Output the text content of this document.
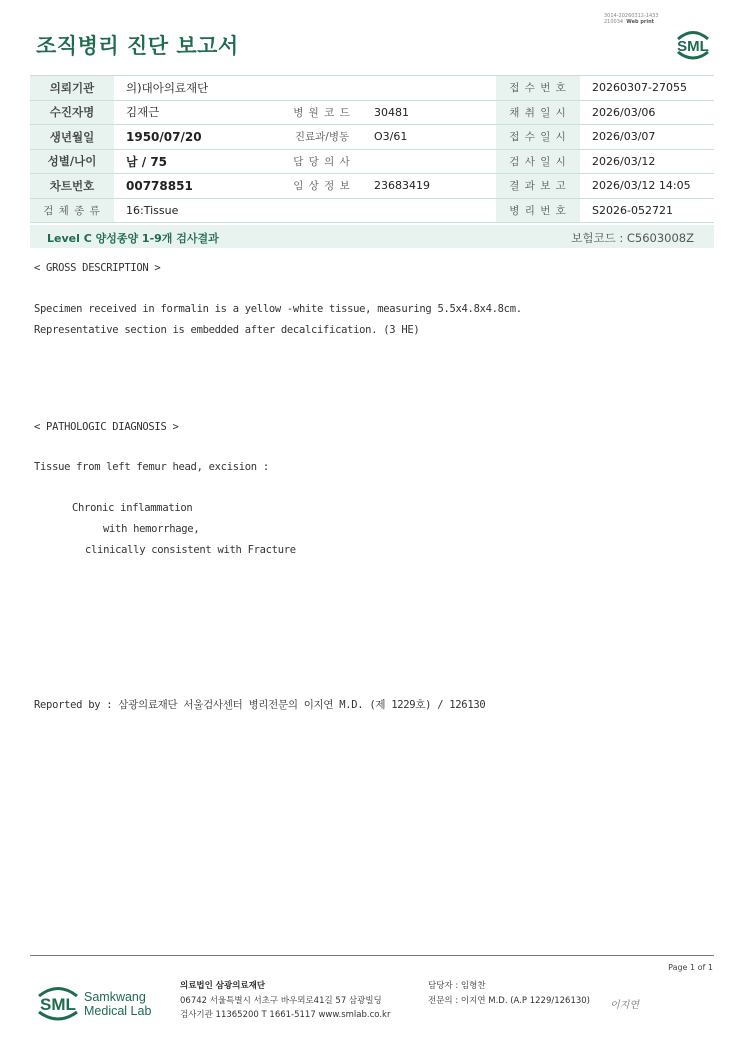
조직병리 진단 보고서
3014-20260312-1433
210034 Web print
SML
의뢰기관	의)대아의료재단			접 수 번 호	20260307-27055
수진자명	김재근	병 원 코 드	30481	채 취 일 시	2026/03/06
생년월일	1950/07/20	진료과/병동	O3/61	접 수 일 시	2026/03/07
성별/나이	남 / 75	담 당 의 사		검 사 일 시	2026/03/12
차트번호	00778851	임 상 정 보	23683419	결 과 보 고	2026/03/12 14:05
검 체 종 류	16:Tissue			병 리 번 호	S2026-052721
Level C 양성종양 1-9개 검사결과	보험코드 : C5603008Z
< GROSS DESCRIPTION >
Specimen received in formalin is a yellow -white tissue, measuring 5.5x4.8x4.8cm.
Representative section is embedded after decalcification. (3 HE)
< PATHOLOGIC DIAGNOSIS >
Tissue from left femur head, excision :
Chronic inflammation
with hemorrhage,
clinically consistent with Fracture
Reported by : 삼광의료재단 서울검사센터 병리전문의 이지연 M.D. (제 1229호) / 126130
Page 1 of 1
SML Samkwang
Medical Lab
의료법인 삼광의료재단
06742 서울특별시 서초구 바우뫼로41길 57 삼광빌딩
검사기관 11365200 T 1661-5117 www.smlab.co.kr
담당자 : 임형찬
전문의 : 이지연 M.D. (A.P 1229/126130) 이지연
